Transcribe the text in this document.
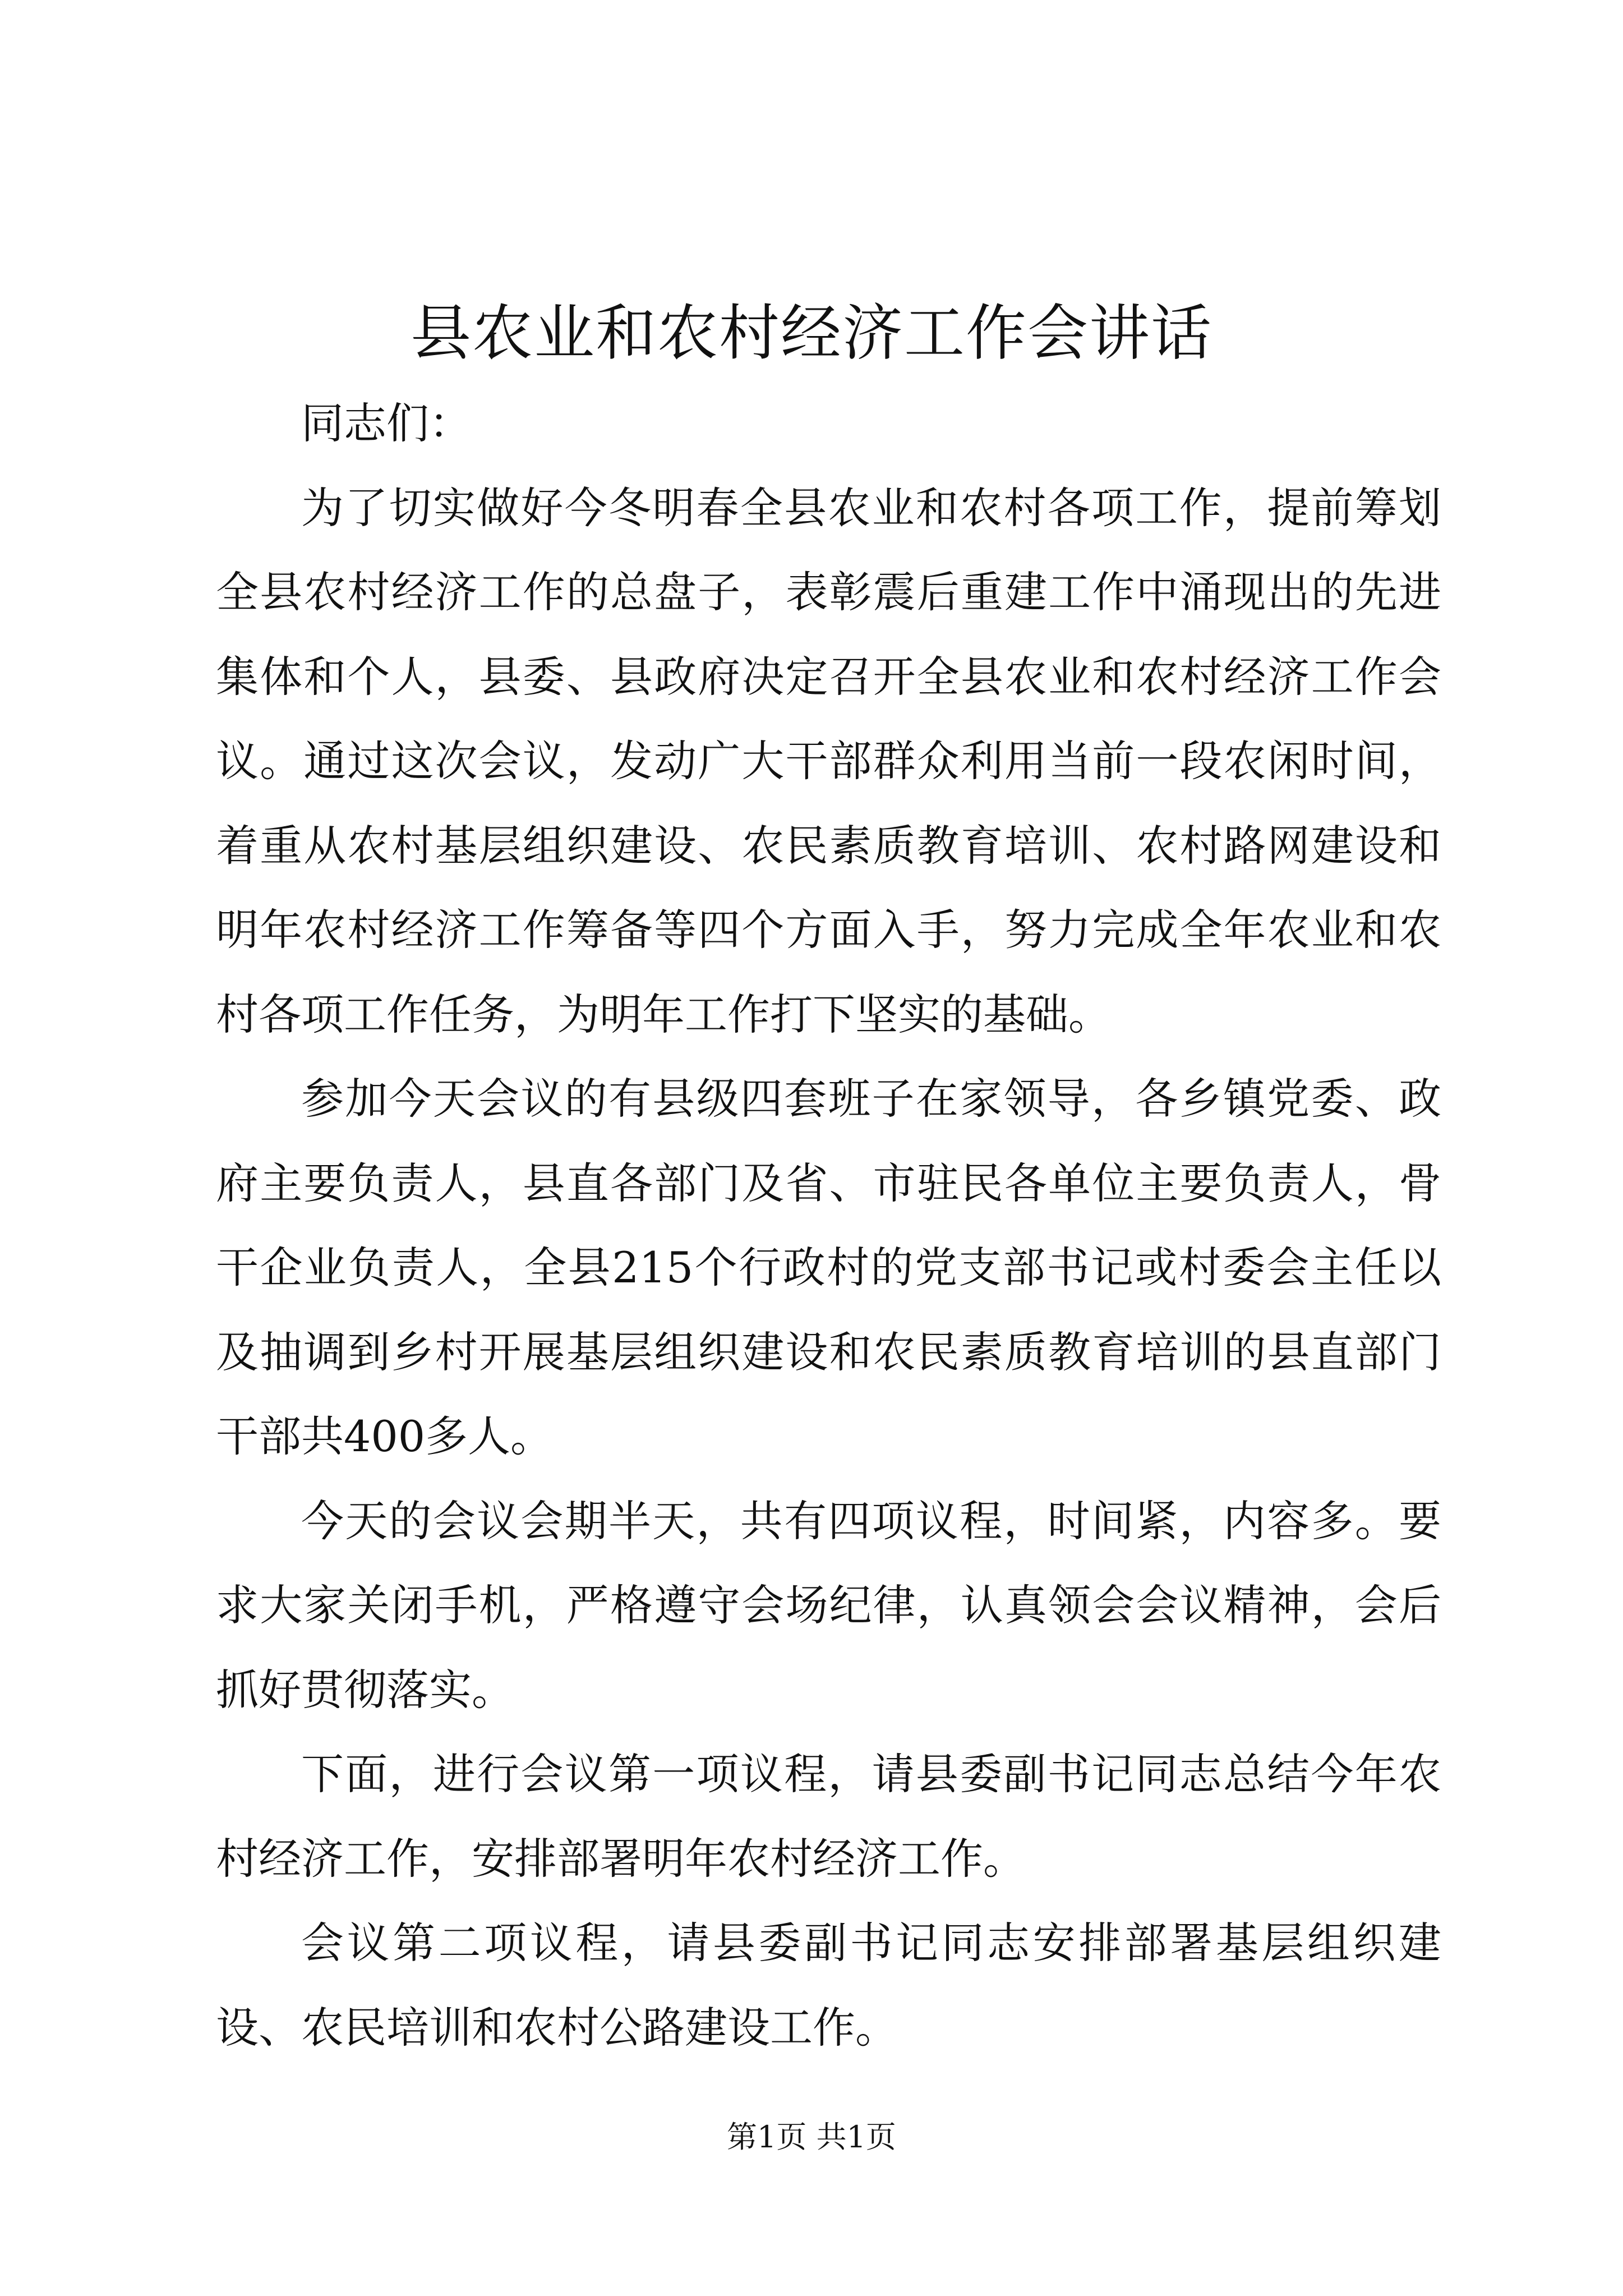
县农业和农村经济工作会讲话

同志们：

为了切实做好今冬明春全县农业和农村各项工作，提前筹划全县农村经济工作的总盘子，表彰震后重建工作中涌现出的先进集体和个人，县委、县政府决定召开全县农业和农村经济工作会议。通过这次会议，发动广大干部群众利用当前一段农闲时间，着重从农村基层组织建设、农民素质教育培训、农村路网建设和明年农村经济工作筹备等四个方面入手，努力完成全年农业和农村各项工作任务，为明年工作打下坚实的基础。

参加今天会议的有县级四套班子在家领导，各乡镇党委、政府主要负责人，县直各部门及省、市驻民各单位主要负责人，骨干企业负责人，全县215个行政村的党支部书记或村委会主任以及抽调到乡村开展基层组织建设和农民素质教育培训的县直部门干部共400多人。

今天的会议会期半天，共有四项议程，时间紧，内容多。要求大家关闭手机，严格遵守会场纪律，认真领会会议精神，会后抓好贯彻落实。

下面，进行会议第一项议程，请县委副书记同志总结今年农村经济工作，安排部署明年农村经济工作。

会议第二项议程，请县委副书记同志安排部署基层组织建设、农民培训和农村公路建设工作。

第1页 共1页
